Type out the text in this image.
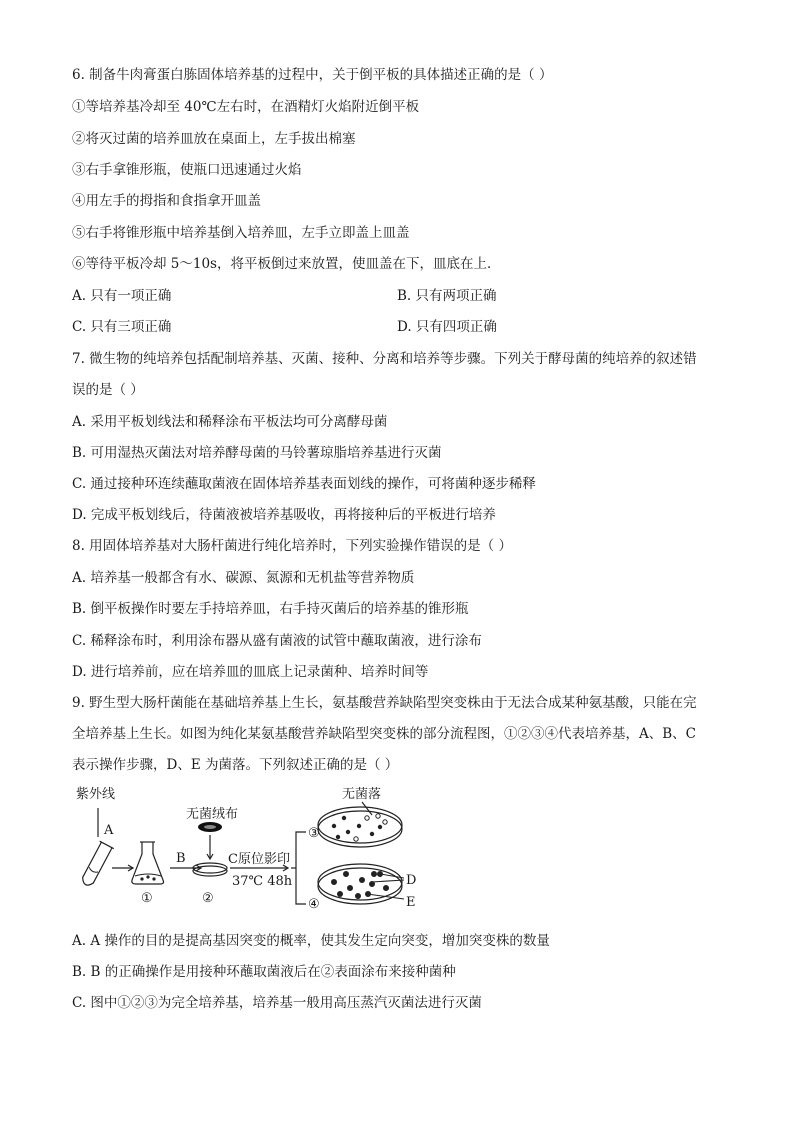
6. 制备牛肉膏蛋白胨固体培养基的过程中，关于倒平板的具体描述正确的是（ ）
①等培养基冷却至 40℃左右时，在酒精灯火焰附近倒平板
②将灭过菌的培养皿放在桌面上，左手拔出棉塞
③右手拿锥形瓶，使瓶口迅速通过火焰
④用左手的拇指和食指拿开皿盖
⑤右手将锥形瓶中培养基倒入培养皿，左手立即盖上皿盖
⑥等待平板冷却 5～10s，将平板倒过来放置，使皿盖在下，皿底在上．
A. 只有一项正确	B. 只有两项正确
C. 只有三项正确	D. 只有四项正确
7. 微生物的纯培养包括配制培养基、灭菌、接种、分离和培养等步骤。下列关于酵母菌的纯培养的叙述错
误的是（ ）
A. 采用平板划线法和稀释涂布平板法均可分离酵母菌
B. 可用湿热灭菌法对培养酵母菌的马铃薯琼脂培养基进行灭菌
C. 通过接种环连续蘸取菌液在固体培养基表面划线的操作，可将菌种逐步稀释
D. 完成平板划线后，待菌液被培养基吸收，再将接种后的平板进行培养
8. 用固体培养基对大肠杆菌进行纯化培养时，下列实验操作错误的是（ ）
A. 培养基一般都含有水、碳源、氮源和无机盐等营养物质
B. 倒平板操作时要左手持培养皿，右手持灭菌后的培养基的锥形瓶
C. 稀释涂布时，利用涂布器从盛有菌液的试管中蘸取菌液，进行涂布
D. 进行培养前，应在培养皿的皿底上记录菌种、培养时间等
9. 野生型大肠杆菌能在基础培养基上生长，氨基酸营养缺陷型突变株由于无法合成某种氨基酸，只能在完
全培养基上生长。如图为纯化某氨基酸营养缺陷型突变株的部分流程图，①②③④代表培养基，A、B、C
表示操作步骤，D、E 为菌落。下列叙述正确的是（ ）
紫外线
A
B
无菌绒布
C原位影印
37℃ 48h
无菌落
D
E
①	②
③
④
A. A 操作的目的是提高基因突变的概率，使其发生定向突变，增加突变株的数量
B. B 的正确操作是用接种环蘸取菌液后在②表面涂布来接种菌种
C. 图中①②③为完全培养基，培养基一般用高压蒸汽灭菌法进行灭菌
